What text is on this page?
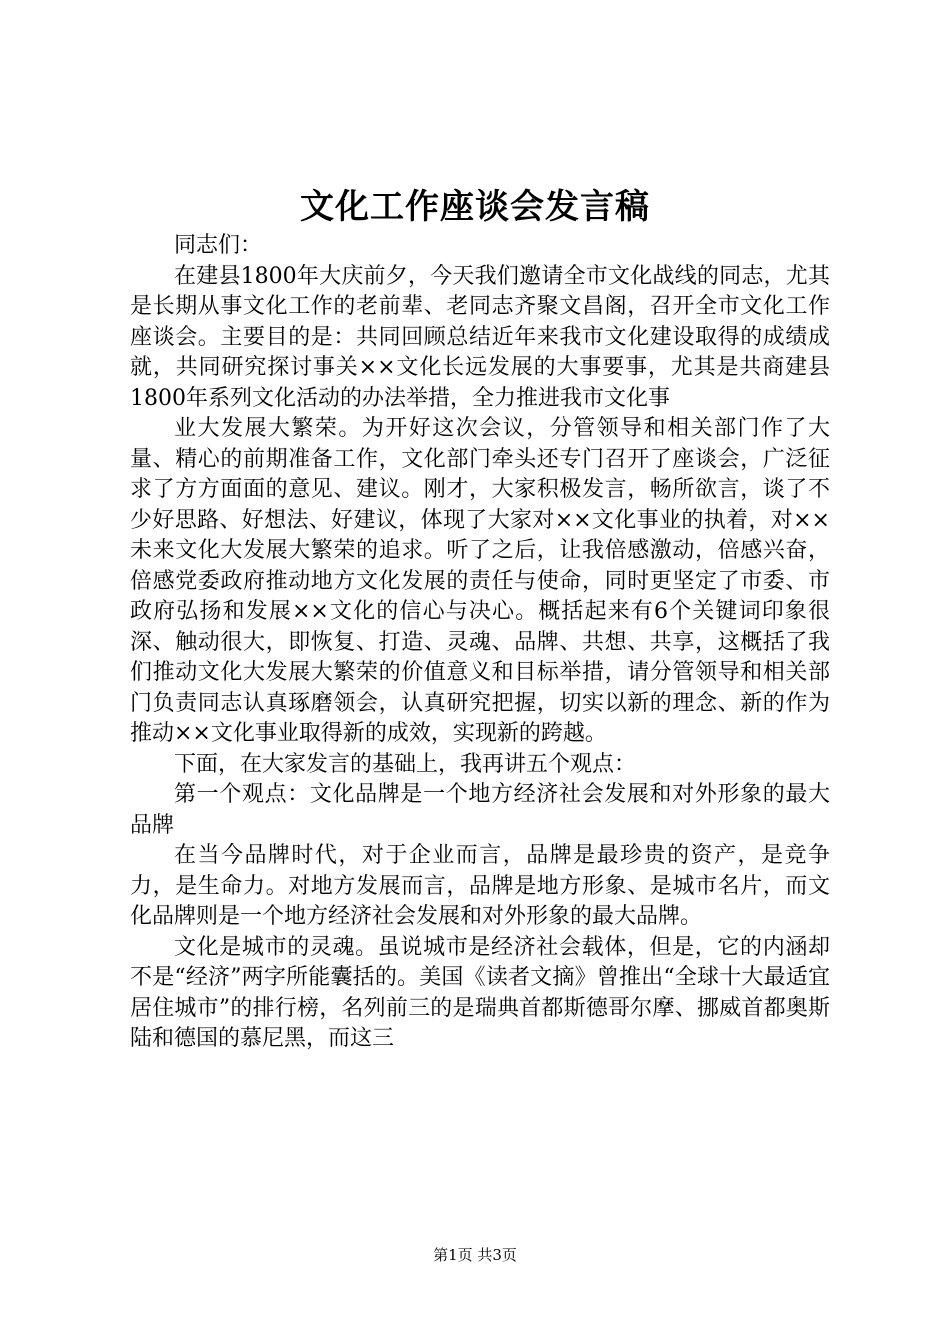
文化工作座谈会发言稿

同志们：

在建县1800年大庆前夕，今天我们邀请全市文化战线的同志，尤其是长期从事文化工作的老前辈、老同志齐聚文昌阁，召开全市文化工作座谈会。主要目的是：共同回顾总结近年来我市文化建设取得的成绩成就，共同研究探讨事关××文化长远发展的大事要事，尤其是共商建县1800年系列文化活动的办法举措，全力推进我市文化事

业大发展大繁荣。为开好这次会议，分管领导和相关部门作了大量、精心的前期准备工作，文化部门牵头还专门召开了座谈会，广泛征求了方方面面的意见、建议。刚才，大家积极发言，畅所欲言，谈了不少好思路、好想法、好建议，体现了大家对××文化事业的执着，对××未来文化大发展大繁荣的追求。听了之后，让我倍感激动，倍感兴奋，倍感党委政府推动地方文化发展的责任与使命，同时更坚定了市委、市政府弘扬和发展××文化的信心与决心。概括起来有6个关键词印象很深、触动很大，即恢复、打造、灵魂、品牌、共想、共享，这概括了我们推动文化大发展大繁荣的价值意义和目标举措，请分管领导和相关部门负责同志认真琢磨领会，认真研究把握，切实以新的理念、新的作为推动××文化事业取得新的成效，实现新的跨越。

下面，在大家发言的基础上，我再讲五个观点：

第一个观点：文化品牌是一个地方经济社会发展和对外形象的最大品牌

在当今品牌时代，对于企业而言，品牌是最珍贵的资产，是竞争力，是生命力。对地方发展而言，品牌是地方形象、是城市名片，而文化品牌则是一个地方经济社会发展和对外形象的最大品牌。

文化是城市的灵魂。虽说城市是经济社会载体，但是，它的内涵却不是“经济”两字所能囊括的。美国《读者文摘》曾推出“全球十大最适宜居住城市”的排行榜，名列前三的是瑞典首都斯德哥尔摩、挪威首都奥斯陆和德国的慕尼黑，而这三

第1页 共3页
